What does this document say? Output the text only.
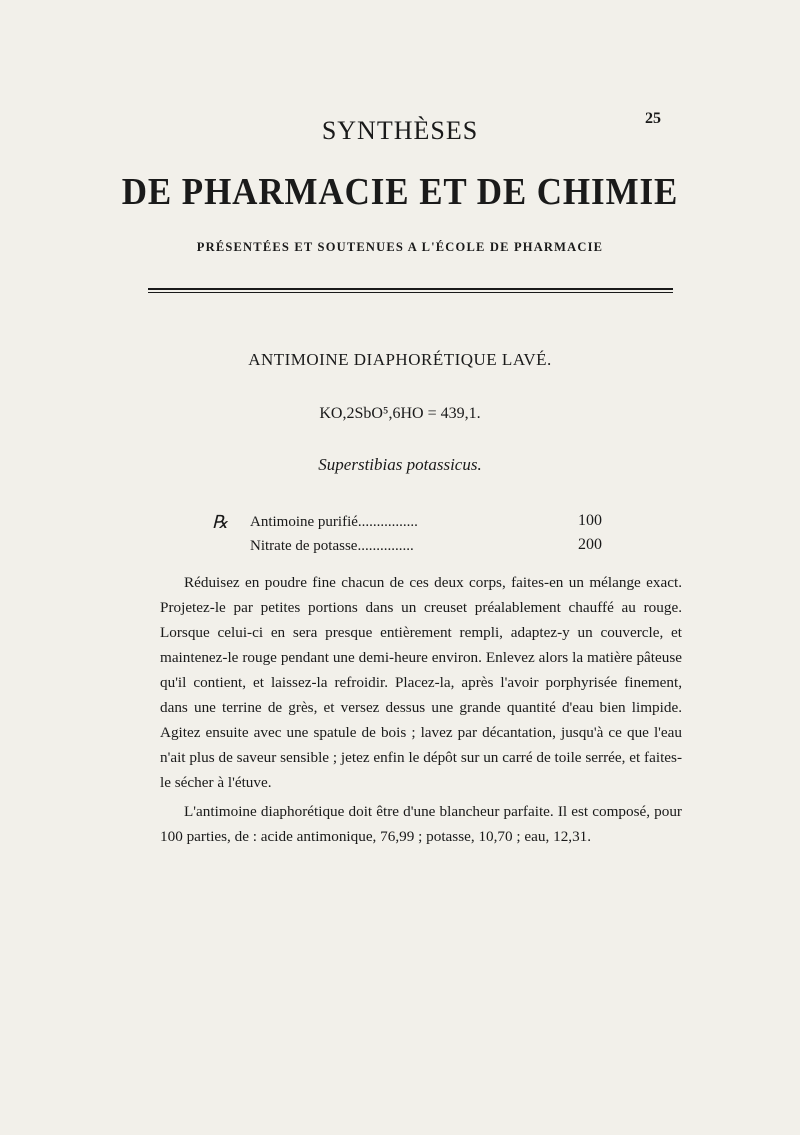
SYNTHÈSES	25
DE PHARMACIE ET DE CHIMIE
PRÉSENTÉES ET SOUTENUES A L'ÉCOLE DE PHARMACIE
ANTIMOINE DIAPHORÉTIQUE LAVÉ.
KO,2SbO⁵,6HO = 439,1.
Superstibias potassicus.
℞ Antimoine purifié................	100
Nitrate de potasse...............	200

Réduisez en poudre fine chacun de ces deux corps, faites-en un mélange exact. Projetez-le par petites portions dans un creuset préalablement chauffé au rouge. Lorsque celui-ci en sera presque entièrement rempli, adaptez-y un couvercle, et maintenez-le rouge pendant une demi-heure environ. Enlevez alors la matière pâteuse qu'il contient, et laissez-la refroidir. Placez-la, après l'avoir porphyrisée finement, dans une terrine de grès, et versez dessus une grande quantité d'eau bien limpide. Agitez ensuite avec une spatule de bois ; lavez par décantation, jusqu'à ce que l'eau n'ait plus de saveur sensible ; jetez enfin le dépôt sur un carré de toile serrée, et faites-le sécher à l'étuve.

L'antimoine diaphorétique doit être d'une blancheur parfaite. Il est composé, pour 100 parties, de : acide antimonique, 76,99 ; potasse, 10,70 ; eau, 12,31.
